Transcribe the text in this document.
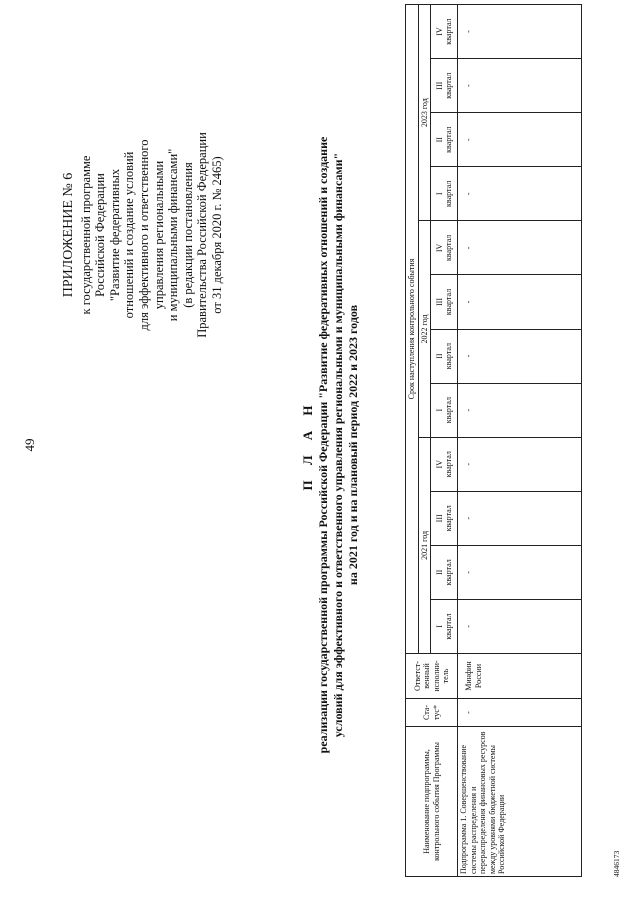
49
ПРИЛОЖЕНИЕ № 6 к государственной программе Российской Федерации "Развитие федеративных отношений и создание условий для эффективного и ответственного управления региональными и муниципальными финансами" (в редакции постановления Правительства Российской Федерации от 31 декабря 2020 г. № 2465)
П Л А Н реализации государственной программы Российской Федерации "Развитие федеративных отношений и создание условий для эффективного и ответственного управления региональными и муниципальными финансами" на 2021 год и на плановый период 2022 и 2023 годов
Наименование подпрограммы, контрольного события Программы	Ста-тус*	Ответст-венный исполни-тель	Срок наступления контрольного события											
			2021 год				2022 год				2023 год			

			I квартал	II квартал	III квартал	IV квартал	I квартал	II квартал	III квартал	IV квартал	I квартал	II квартал	III квартал	IV квартал

Подпрограмма 1. Совершенствование системы распределения и перераспределения финансовых ресурсов между уровнями бюджетной системы Российской Федерации	-	Минфин России	-	-	-	-	-	-	-	-	-	-	-	-
4846173
